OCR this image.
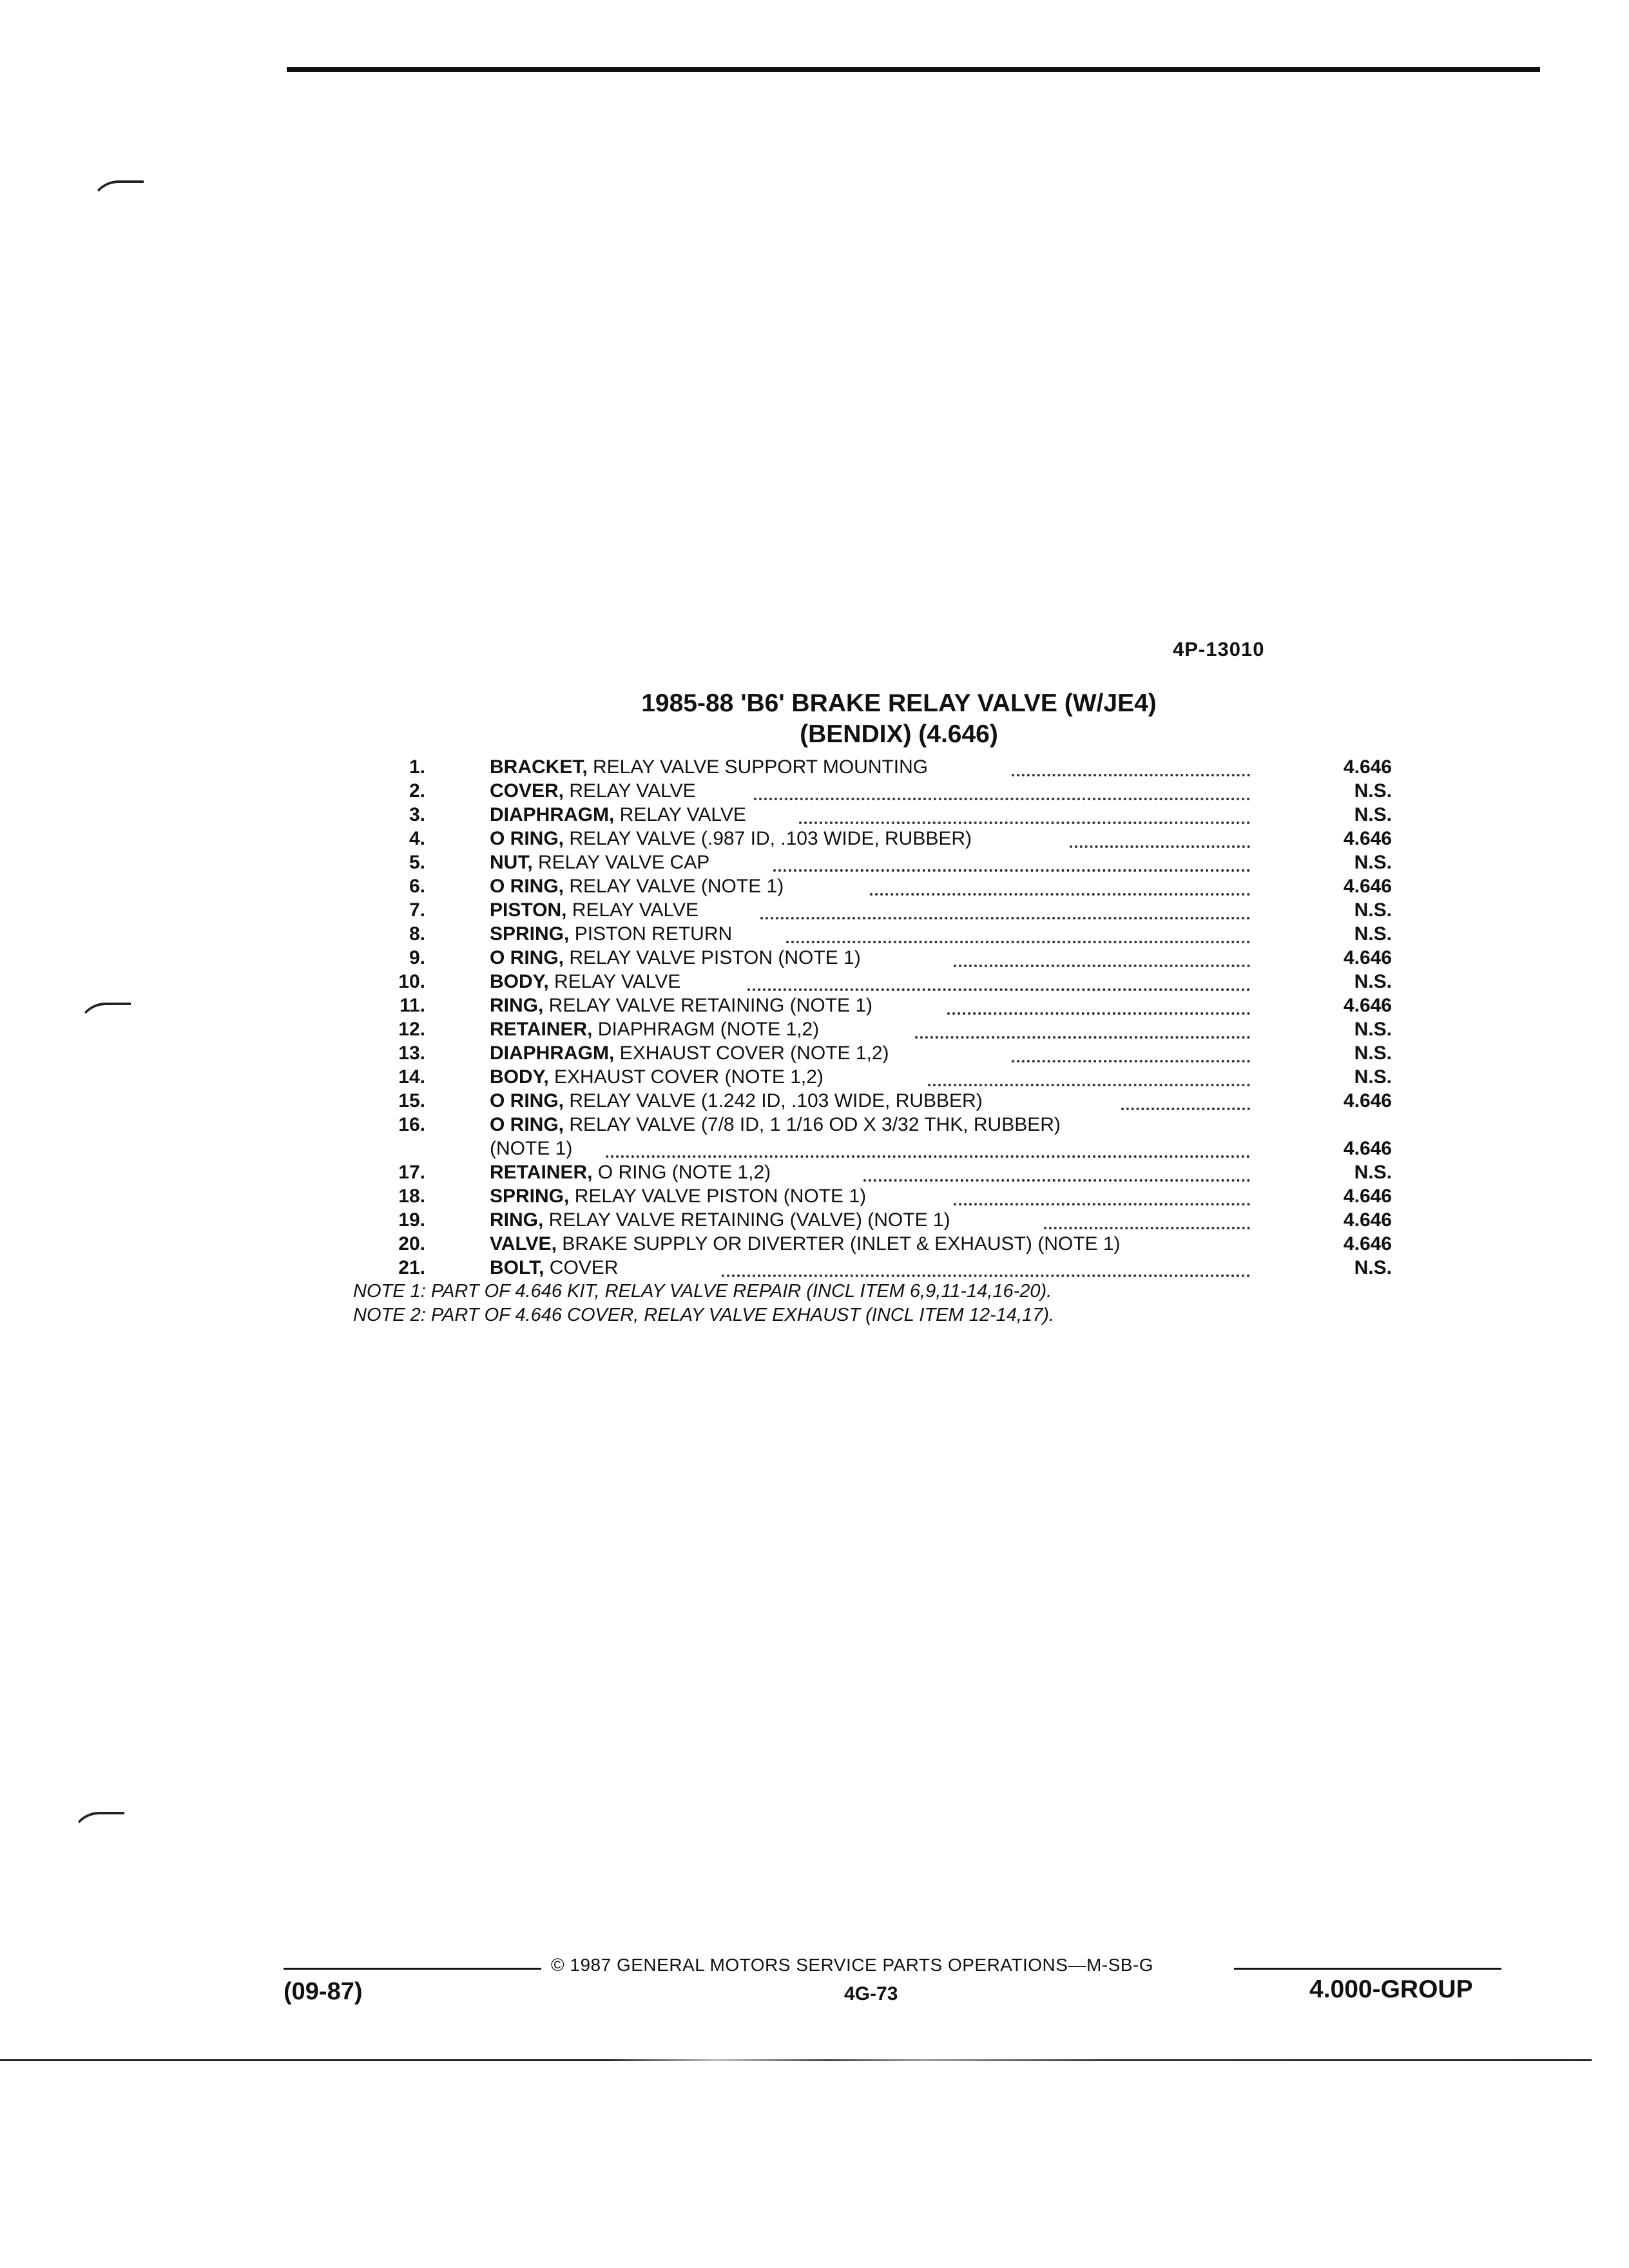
4P-13010
1985-88 'B6' BRAKE RELAY VALVE (W/JE4)
(BENDIX) (4.646)
1.	BRACKET, RELAY VALVE SUPPORT MOUNTING	4.646
2.	COVER, RELAY VALVE	N.S.
3.	DIAPHRAGM, RELAY VALVE	N.S.
4.	O RING, RELAY VALVE (.987 ID, .103 WIDE, RUBBER)	4.646
5.	NUT, RELAY VALVE CAP	N.S.
6.	O RING, RELAY VALVE (NOTE 1)	4.646
7.	PISTON, RELAY VALVE	N.S.
8.	SPRING, PISTON RETURN	N.S.
9.	O RING, RELAY VALVE PISTON (NOTE 1)	4.646
10.	BODY, RELAY VALVE	N.S.
11.	RING, RELAY VALVE RETAINING (NOTE 1)	4.646
12.	RETAINER, DIAPHRAGM (NOTE 1,2)	N.S.
13.	DIAPHRAGM, EXHAUST COVER (NOTE 1,2)	N.S.
14.	BODY, EXHAUST COVER (NOTE 1,2)	N.S.
15.	O RING, RELAY VALVE (1.242 ID, .103 WIDE, RUBBER)	4.646
16.	O RING, RELAY VALVE (7/8 ID, 1 1/16 OD X 3/32 THK, RUBBER)
(NOTE 1)	4.646
17.	RETAINER, O RING (NOTE 1,2)	N.S.
18.	SPRING, RELAY VALVE PISTON (NOTE 1)	4.646
19.	RING, RELAY VALVE RETAINING (VALVE) (NOTE 1)	4.646
20.	VALVE, BRAKE SUPPLY OR DIVERTER (INLET & EXHAUST) (NOTE 1)	4.646
21.	BOLT, COVER	N.S.
NOTE 1: PART OF 4.646 KIT, RELAY VALVE REPAIR (INCL ITEM 6,9,11-14,16-20).
NOTE 2: PART OF 4.646 COVER, RELAY VALVE EXHAUST (INCL ITEM 12-14,17).
© 1987 GENERAL MOTORS SERVICE PARTS OPERATIONS—M-SB-G
(09-87)	4G-73	4.000-GROUP
